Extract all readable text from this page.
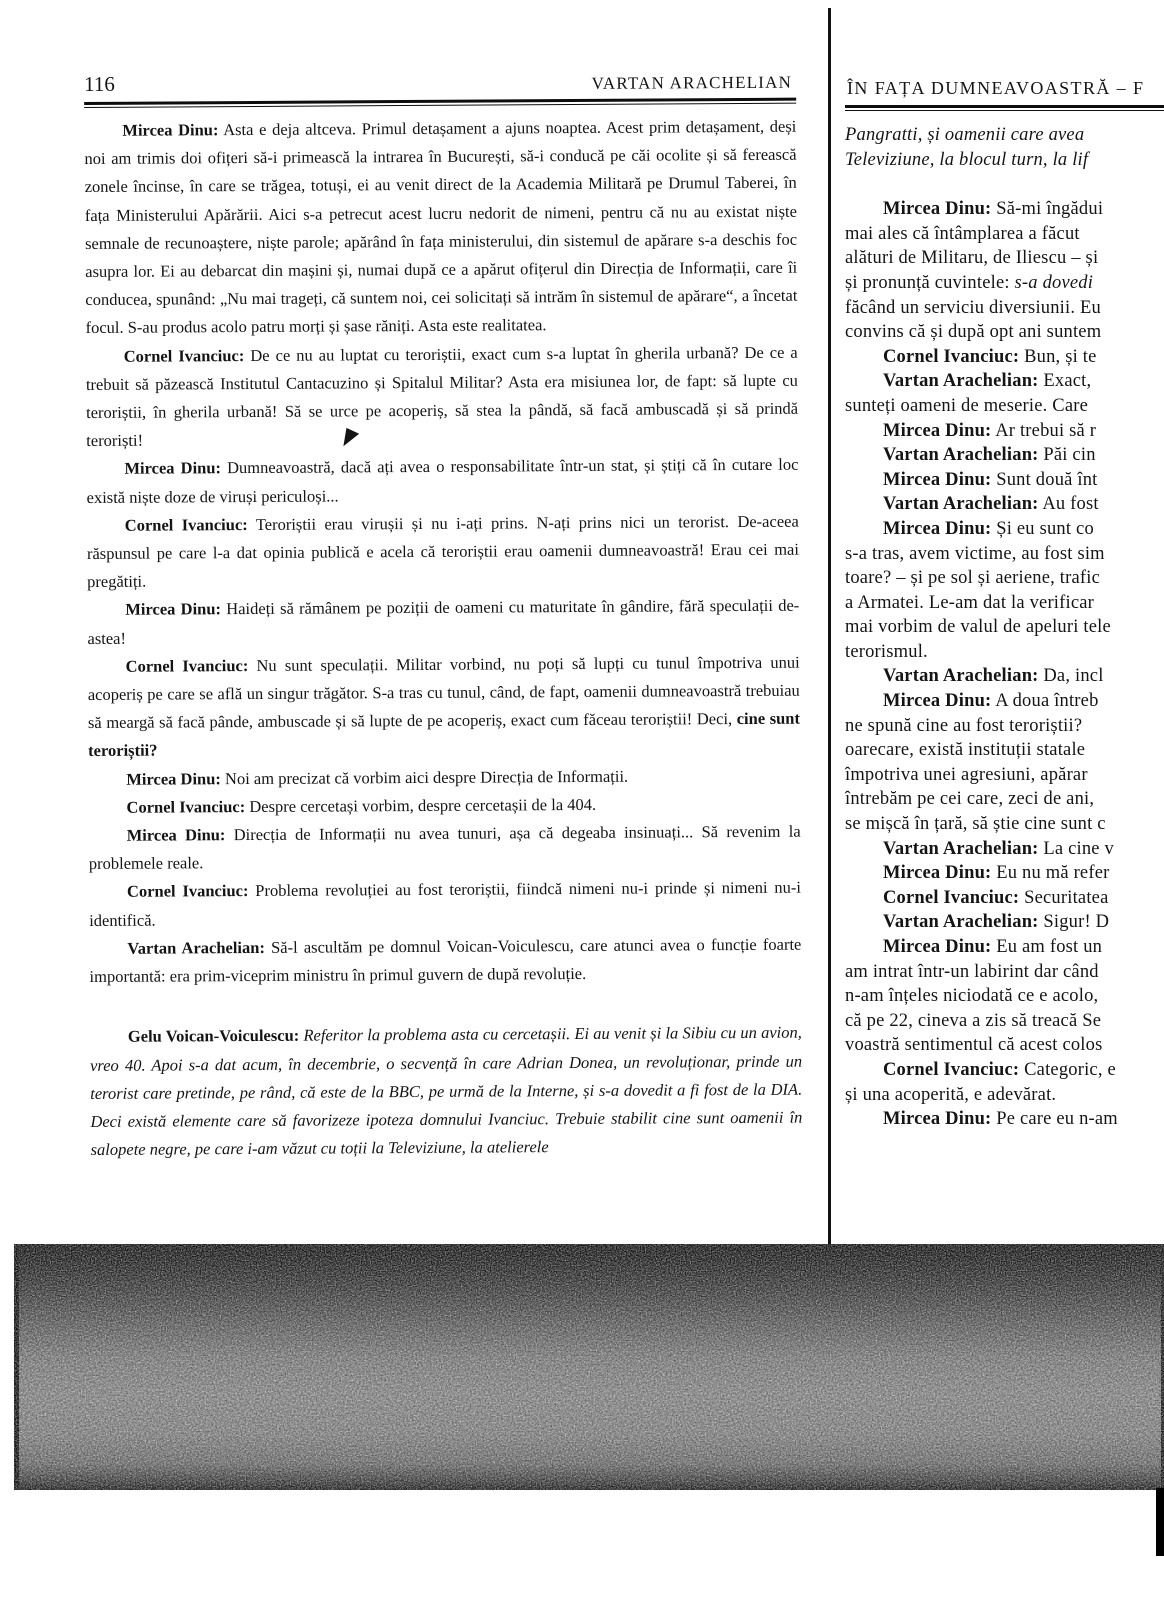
116	VARTAN ARACHELIAN

Mircea Dinu: Asta e deja altceva. Primul detașament a ajuns noaptea. Acest prim detașament, deși noi am trimis doi ofițeri să-i primească la intrarea în București, să-i conducă pe căi ocolite și să ferească zonele încinse, în care se trăgea, totuși, ei au venit direct de la Academia Militară pe Drumul Taberei, în fața Ministerului Apărării. Aici s-a petrecut acest lucru nedorit de nimeni, pentru că nu au existat niște semnale de recunoaștere, niște parole; apărând în fața ministerului, din sistemul de apărare s-a deschis foc asupra lor. Ei au debarcat din mașini și, numai după ce a apărut ofițerul din Direcția de Informații, care îi conducea, spunând: „Nu mai trageți, că suntem noi, cei solicitați să intrăm în sistemul de apărare“, a încetat focul. S-au produs acolo patru morți și șase răniți. Asta este realitatea.

Cornel Ivanciuc: De ce nu au luptat cu teroriștii, exact cum s-a luptat în gherila urbană? De ce a trebuit să păzească Institutul Cantacuzino și Spitalul Militar? Asta era misiunea lor, de fapt: să lupte cu teroriștii, în gherila urbană! Să se urce pe acoperiș, să stea la pândă, să facă ambuscadă și să prindă teroriști!

Mircea Dinu: Dumneavoastră, dacă ați avea o responsabilitate într-un stat, și știți că în cutare loc există niște doze de viruși periculoși...

Cornel Ivanciuc: Teroriștii erau virușii și nu i-ați prins. N-ați prins nici un terorist. De-aceea răspunsul pe care l-a dat opinia publică e acela că teroriștii erau oamenii dumneavoastră! Erau cei mai pregătiți.

Mircea Dinu: Haideți să rămânem pe poziții de oameni cu maturitate în gândire, fără speculații de-astea!

Cornel Ivanciuc: Nu sunt speculații. Militar vorbind, nu poți să lupți cu tunul împotriva unui acoperiș pe care se află un singur trăgător. S-a tras cu tunul, când, de fapt, oamenii dumneavoastră trebuiau să meargă să facă pânde, ambuscade și să lupte de pe acoperiș, exact cum făceau teroriștii! Deci, cine sunt teroriștii?

Mircea Dinu: Noi am precizat că vorbim aici despre Direcția de Informații.

Cornel Ivanciuc: Despre cercetași vorbim, despre cercetașii de la 404.

Mircea Dinu: Direcția de Informații nu avea tunuri, așa că degeaba insinuați... Să revenim la problemele reale.

Cornel Ivanciuc: Problema revoluției au fost teroriștii, fiindcă nimeni nu-i prinde și nimeni nu-i identifică.

Vartan Arachelian: Să-l ascultăm pe domnul Voican-Voiculescu, care atunci avea o funcție foarte importantă: era prim-viceprim ministru în primul guvern de după revoluție.

Gelu Voican-Voiculescu: Referitor la problema asta cu cercetașii. Ei au venit și la Sibiu cu un avion, vreo 40. Apoi s-a dat acum, în decembrie, o secvență în care Adrian Donea, un revoluționar, prinde un terorist care pretinde, pe rând, că este de la BBC, pe urmă de la Interne, și s-a dovedit a fi fost de la DIA. Deci există elemente care să favorizeze ipoteza domnului Ivanciuc. Trebuie stabilit cine sunt oamenii în salopete negre, pe care i-am văzut cu toții la Televiziune, la atelierele

ÎN FAȚA DUMNEAVOASTRĂ – F
Pangratti, și oamenii care avea
Televiziune, la blocul turn, la lif
Mircea Dinu: Să-mi îngădui
mai ales că întâmplarea a făcut
alături de Militaru, de Iliescu – și
și pronunță cuvintele: s-a dovedi
făcând un serviciu diversiunii. Eu
convins că și după opt ani suntem
Cornel Ivanciuc: Bun, și te
Vartan Arachelian: Exact,
sunteți oameni de meserie. Care
Mircea Dinu: Ar trebui să r
Vartan Arachelian: Păi cin
Mircea Dinu: Sunt două înt
Vartan Arachelian: Au fost
Mircea Dinu: Și eu sunt co
s-a tras, avem victime, au fost sim
toare? – și pe sol și aeriene, trafic
a Armatei. Le-am dat la verificar
mai vorbim de valul de apeluri tele
terorismul.
Vartan Arachelian: Da, incl
Mircea Dinu: A doua întreb
ne spună cine au fost teroriștii?
oarecare, există instituții statale
împotriva unei agresiuni, apărar
întrebăm pe cei care, zeci de ani,
se mișcă în țară, să știe cine sunt c
Vartan Arachelian: La cine v
Mircea Dinu: Eu nu mă refer
Cornel Ivanciuc: Securitatea
Vartan Arachelian: Sigur! D
Mircea Dinu: Eu am fost un
am intrat într-un labirint dar când
n-am înțeles niciodată ce e acolo,
că pe 22, cineva a zis să treacă Se
voastră sentimentul că acest colos
Cornel Ivanciuc: Categoric, e
și una acoperită, e adevărat.
Mircea Dinu: Pe care eu n-am
